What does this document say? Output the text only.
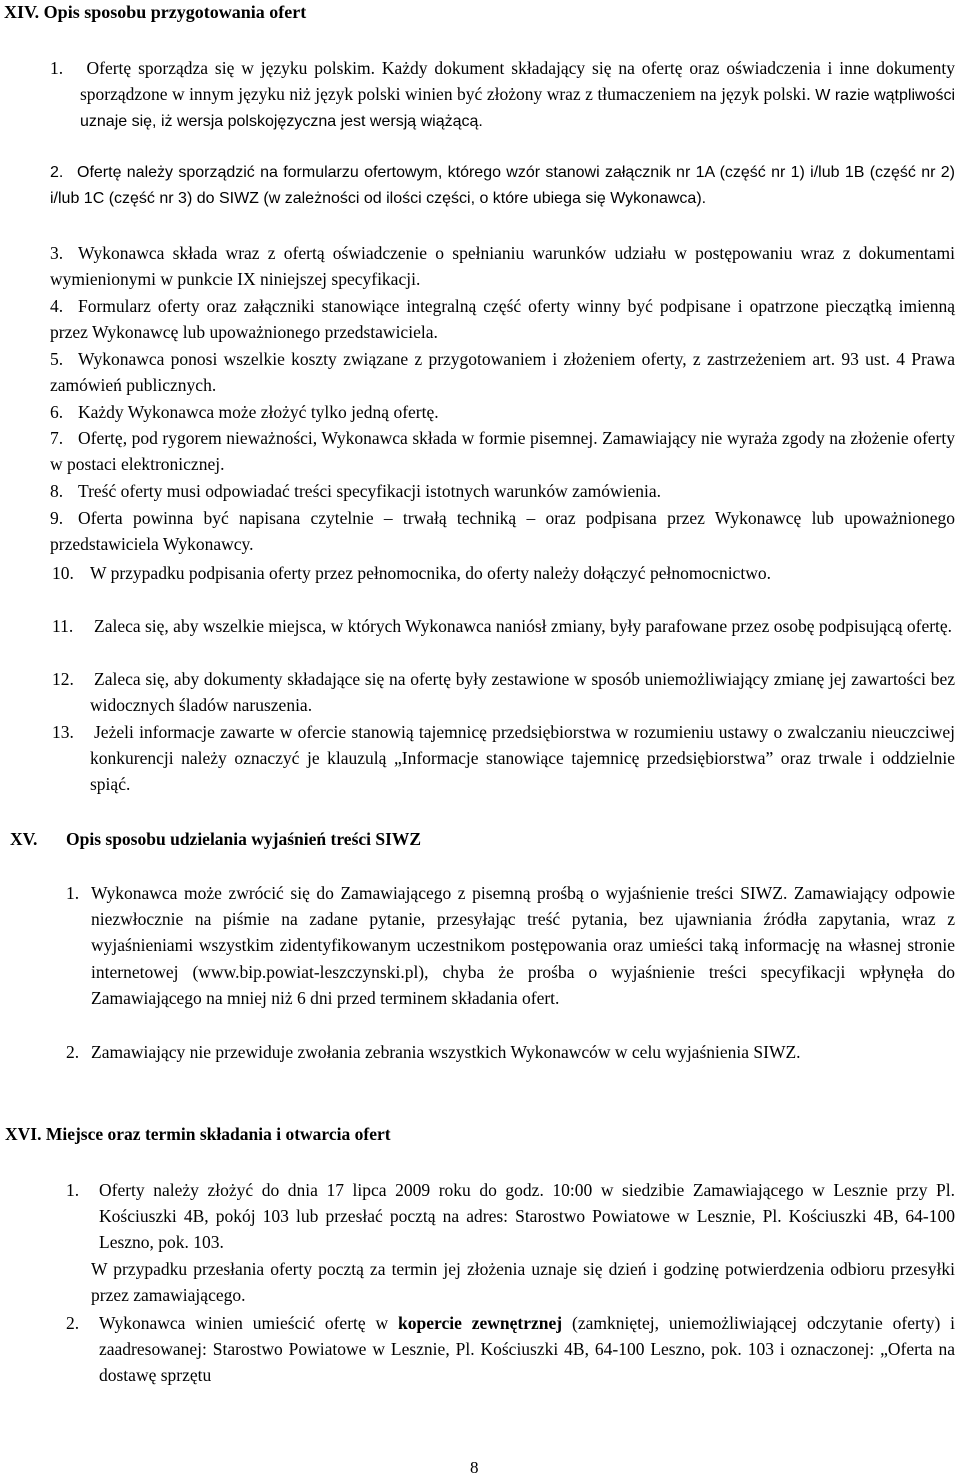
XIV. Opis sposobu przygotowania ofert
1. Ofertę sporządza się w języku polskim. Każdy dokument składający się na ofertę oraz oświadczenia i inne dokumenty sporządzone w innym języku niż język polski winien być złożony wraz z tłumaczeniem na język polski. W razie wątpliwości uznaje się, iż wersja polskojęzyczna jest wersją wiążącą.
2. Ofertę należy sporządzić na formularzu ofertowym, którego wzór stanowi załącznik nr 1A (część nr 1) i/lub 1B (część nr 2) i/lub 1C (część nr 3) do SIWZ (w zależności od ilości części, o które ubiega się Wykonawca).
3. Wykonawca składa wraz z ofertą oświadczenie o spełnianiu warunków udziału w postępowaniu wraz z dokumentami wymienionymi w punkcie IX niniejszej specyfikacji.
4. Formularz oferty oraz załączniki stanowiące integralną część oferty winny być podpisane i opatrzone pieczątką imienną przez Wykonawcę lub upoważnionego przedstawiciela.
5. Wykonawca ponosi wszelkie koszty związane z przygotowaniem i złożeniem oferty, z zastrzeżeniem art. 93 ust. 4 Prawa zamówień publicznych.
6. Każdy Wykonawca może złożyć tylko jedną ofertę.
7. Ofertę, pod rygorem nieważności, Wykonawca składa w formie pisemnej. Zamawiający nie wyraża zgody na złożenie oferty w postaci elektronicznej.
8. Treść oferty musi odpowiadać treści specyfikacji istotnych warunków zamówienia.
9. Oferta powinna być napisana czytelnie – trwałą techniką – oraz podpisana przez Wykonawcę lub upoważnionego przedstawiciela Wykonawcy.
10. W przypadku podpisania oferty przez pełnomocnika, do oferty należy dołączyć pełnomocnictwo.
11. Zaleca się, aby wszelkie miejsca, w których Wykonawca naniósł zmiany, były parafowane przez osobę podpisującą ofertę.
12. Zaleca się, aby dokumenty składające się na ofertę były zestawione w sposób uniemożliwiający zmianę jej zawartości bez widocznych śladów naruszenia.
13. Jeżeli informacje zawarte w ofercie stanowią tajemnicę przedsiębiorstwa w rozumieniu ustawy o zwalczaniu nieuczciwej konkurencji należy oznaczyć je klauzulą „Informacje stanowiące tajemnicę przedsiębiorstwa” oraz trwale i oddzielnie spiąć.
XV. Opis sposobu udzielania wyjaśnień treści SIWZ
1. Wykonawca może zwrócić się do Zamawiającego z pisemną prośbą o wyjaśnienie treści SIWZ. Zamawiający odpowie niezwłocznie na piśmie na zadane pytanie, przesyłając treść pytania, bez ujawniania źródła zapytania, wraz z wyjaśnieniami wszystkim zidentyfikowanym uczestnikom postępowania oraz umieści taką informację na własnej stronie internetowej (www.bip.powiat-leszczynski.pl), chyba że prośba o wyjaśnienie treści specyfikacji wpłynęła do Zamawiającego na mniej niż 6 dni przed terminem składania ofert.
2. Zamawiający nie przewiduje zwołania zebrania wszystkich Wykonawców w celu wyjaśnienia SIWZ.
XVI. Miejsce oraz termin składania i otwarcia ofert
1. Oferty należy złożyć do dnia 17 lipca 2009 roku do godz. 10:00 w siedzibie Zamawiającego w Lesznie przy Pl. Kościuszki 4B, pokój 103 lub przesłać pocztą na adres: Starostwo Powiatowe w Lesznie, Pl. Kościuszki 4B, 64-100 Leszno, pok. 103.
W przypadku przesłania oferty pocztą za termin jej złożenia uznaje się dzień i godzinę potwierdzenia odbioru przesyłki przez zamawiającego.
2. Wykonawca winien umieścić ofertę w kopercie zewnętrznej (zamkniętej, uniemożliwiającej odczytanie oferty) i zaadresowanej: Starostwo Powiatowe w Lesznie, Pl. Kościuszki 4B, 64-100 Leszno, pok. 103 i oznaczonej: „Oferta na dostawę sprzętu
8
